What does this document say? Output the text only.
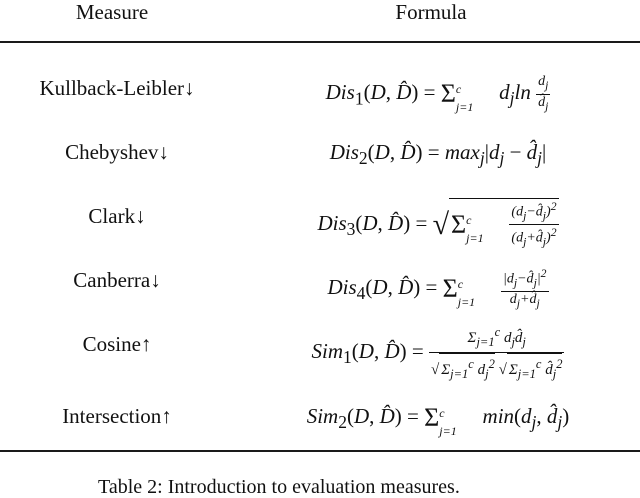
Measure	Formula
Kullback-Leibler↓	Dis$_1$(D, D̂) = Σ c
j=1
$d_j\ln \frac{d_j}{d̂_j}$
Chebyshev↓	Dis$_2$(D, D̂) = $\max_j|d_j$ − $d̂_j|$
Clark↓	Dis$_3$(D, D̂) = √Σ c
j=1
$\frac{(d_j-d̂_j)^2}{(d_j+d̂_j)^2}$
Canberra↓	Dis$_4$(D, D̂) = Σ c
j=1
$\frac{|d_j-d̂_j|^2}{d_j+d̂_j}$
Cosine↑	Sim$_1$(D, D̂) = $\frac{\Sigma_{j=1}^c d_jd̂_j}{√ \Sigma_{j=1}^c d_j^2 √ \Sigma_{j=1}^c d̂_j^2}$
Intersection↑	Sim$_2$(D, D̂) = Σ c
j=1
$\min(d_j$, $d̂_j$)
Table 2: Introduction to evaluation measures.
